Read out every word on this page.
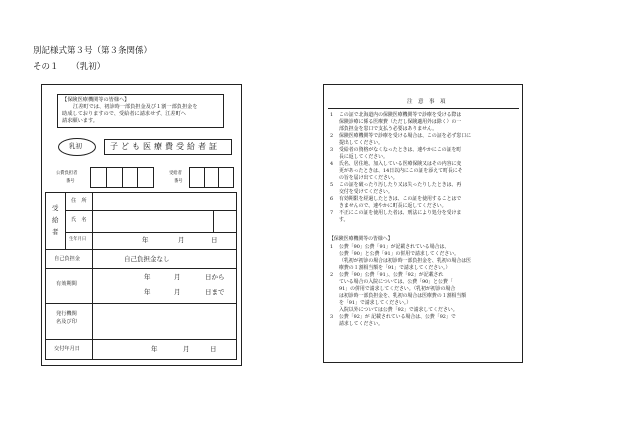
別記様式第３号（第３条関係）
その１　　（乳初）
【保険医療機関等の皆様へ】
江差町では、初診時一部負担金及び１割一部負担金を
助成しておりますので、受給者に請求せず、江差町へ
請求願います。
乳初	子ども医療費受給者証
公費負担者
番号
受給者
番号
受
給
者
住　所
氏　名
生年月日	年	月	日
自己負担金	自己負担金なし
有効期間
年	月	日から
年	月	日まで
発行機関
名及び印
交付年月日	年	月	日
注　意　事　項
1 この証で北海道内の保険医療機関等で診療を受ける際は
保険診療に係る医療費（ただし保険適用外は除く）の一
部負担金を窓口で支払う必要はありません。
2 保険医療機関等で診療を受ける場合は、この証を必ず窓口に
提出してください。
3 受給者の資格がなくなったときは、速やかにこの証を町
長に返してください。
4 氏名、居住地、加入している医療保険又はその内容に変
更があったときは、14日以内にこの証を添えて町長にそ
の旨を届け出てください。
5 この証を破ったり汚したり又は失ったりしたときは、再
交付を受けてください。
6 有効期限を経過したときは、この証を使用することはで
きませんので、速やかに町長に返してください。
7 不正にこの証を使用した者は、刑法により処分を受けま
す。
【保険医療機関等の皆様へ】
1 公費「90」公費「91」が記載されている場合は、
公費「90」と公費「91」の併用で請求してください。
（乳初が初診の場合は初診時一部負担金を、乳初の場合は医
療費の１割相当額を「91」で請求してください。）
2 公費「90」公費「91」、公費「92」が記載され
ている場合の入院については、公費「90」と公費「
91」の併用で請求してください。（乳初が初診の場合
は初診時一部負担金を、乳初の場合は医療費の１割相当額
を「91」で請求してください。）
入院以外については公費「92」で請求してください。
3 公費「92」が 記載されている場合は、公費「92」で
請求してください。
